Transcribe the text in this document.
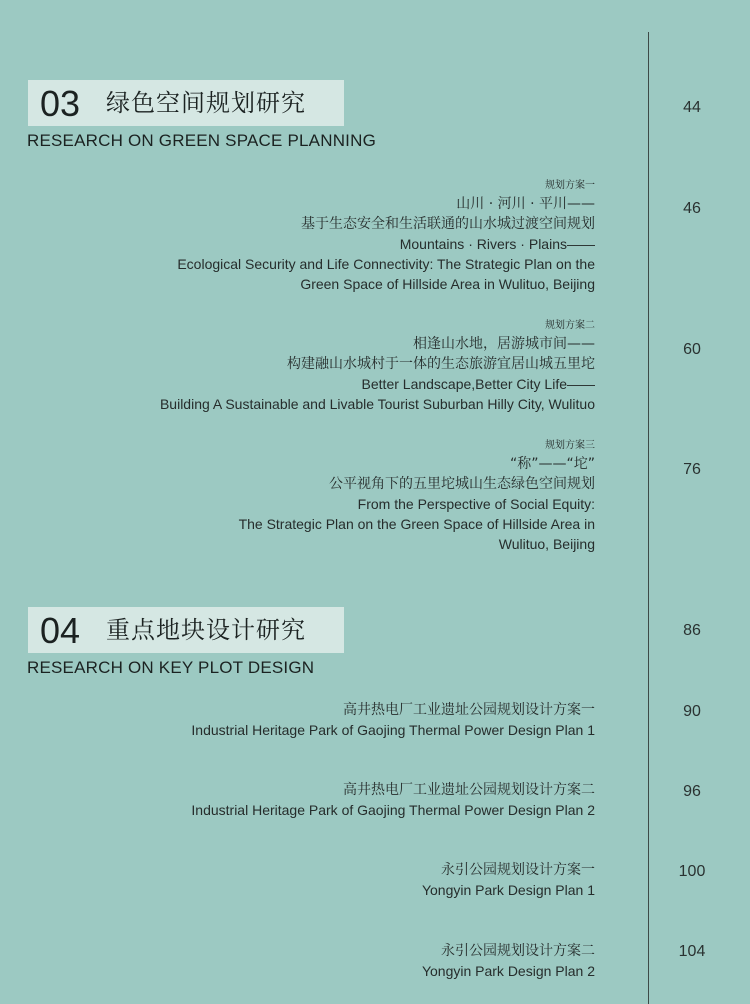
03 绿色空间规划研究
RESEARCH ON GREEN SPACE PLANNING
44
规划方案一
山川 · 河川 · 平川——
基于生态安全和生活联通的山水城过渡空间规划
Mountains · Rivers · Plains——
Ecological Security and Life Connectivity: The Strategic Plan on the
Green Space of Hillside Area in Wulituo, Beijing
46
规划方案二
相逢山水地，居游城市间——
构建融山水城村于一体的生态旅游宜居山城五里坨
Better Landscape,Better City Life——
Building A Sustainable and Livable Tourist Suburban Hilly City, Wulituo
60
规划方案三
“称”——“坨”
公平视角下的五里坨城山生态绿色空间规划
From the Perspective of Social Equity:
The Strategic Plan on the Green Space of Hillside Area in
Wulituo, Beijing
76
04 重点地块设计研究
RESEARCH ON KEY PLOT DESIGN
86
高井热电厂工业遗址公园规划设计方案一
Industrial Heritage Park of Gaojing Thermal Power Design Plan 1
90
高井热电厂工业遗址公园规划设计方案二
Industrial Heritage Park of Gaojing Thermal Power Design Plan 2
96
永引公园规划设计方案一
Yongyin Park Design Plan 1
100
永引公园规划设计方案二
Yongyin Park Design Plan 2
104
